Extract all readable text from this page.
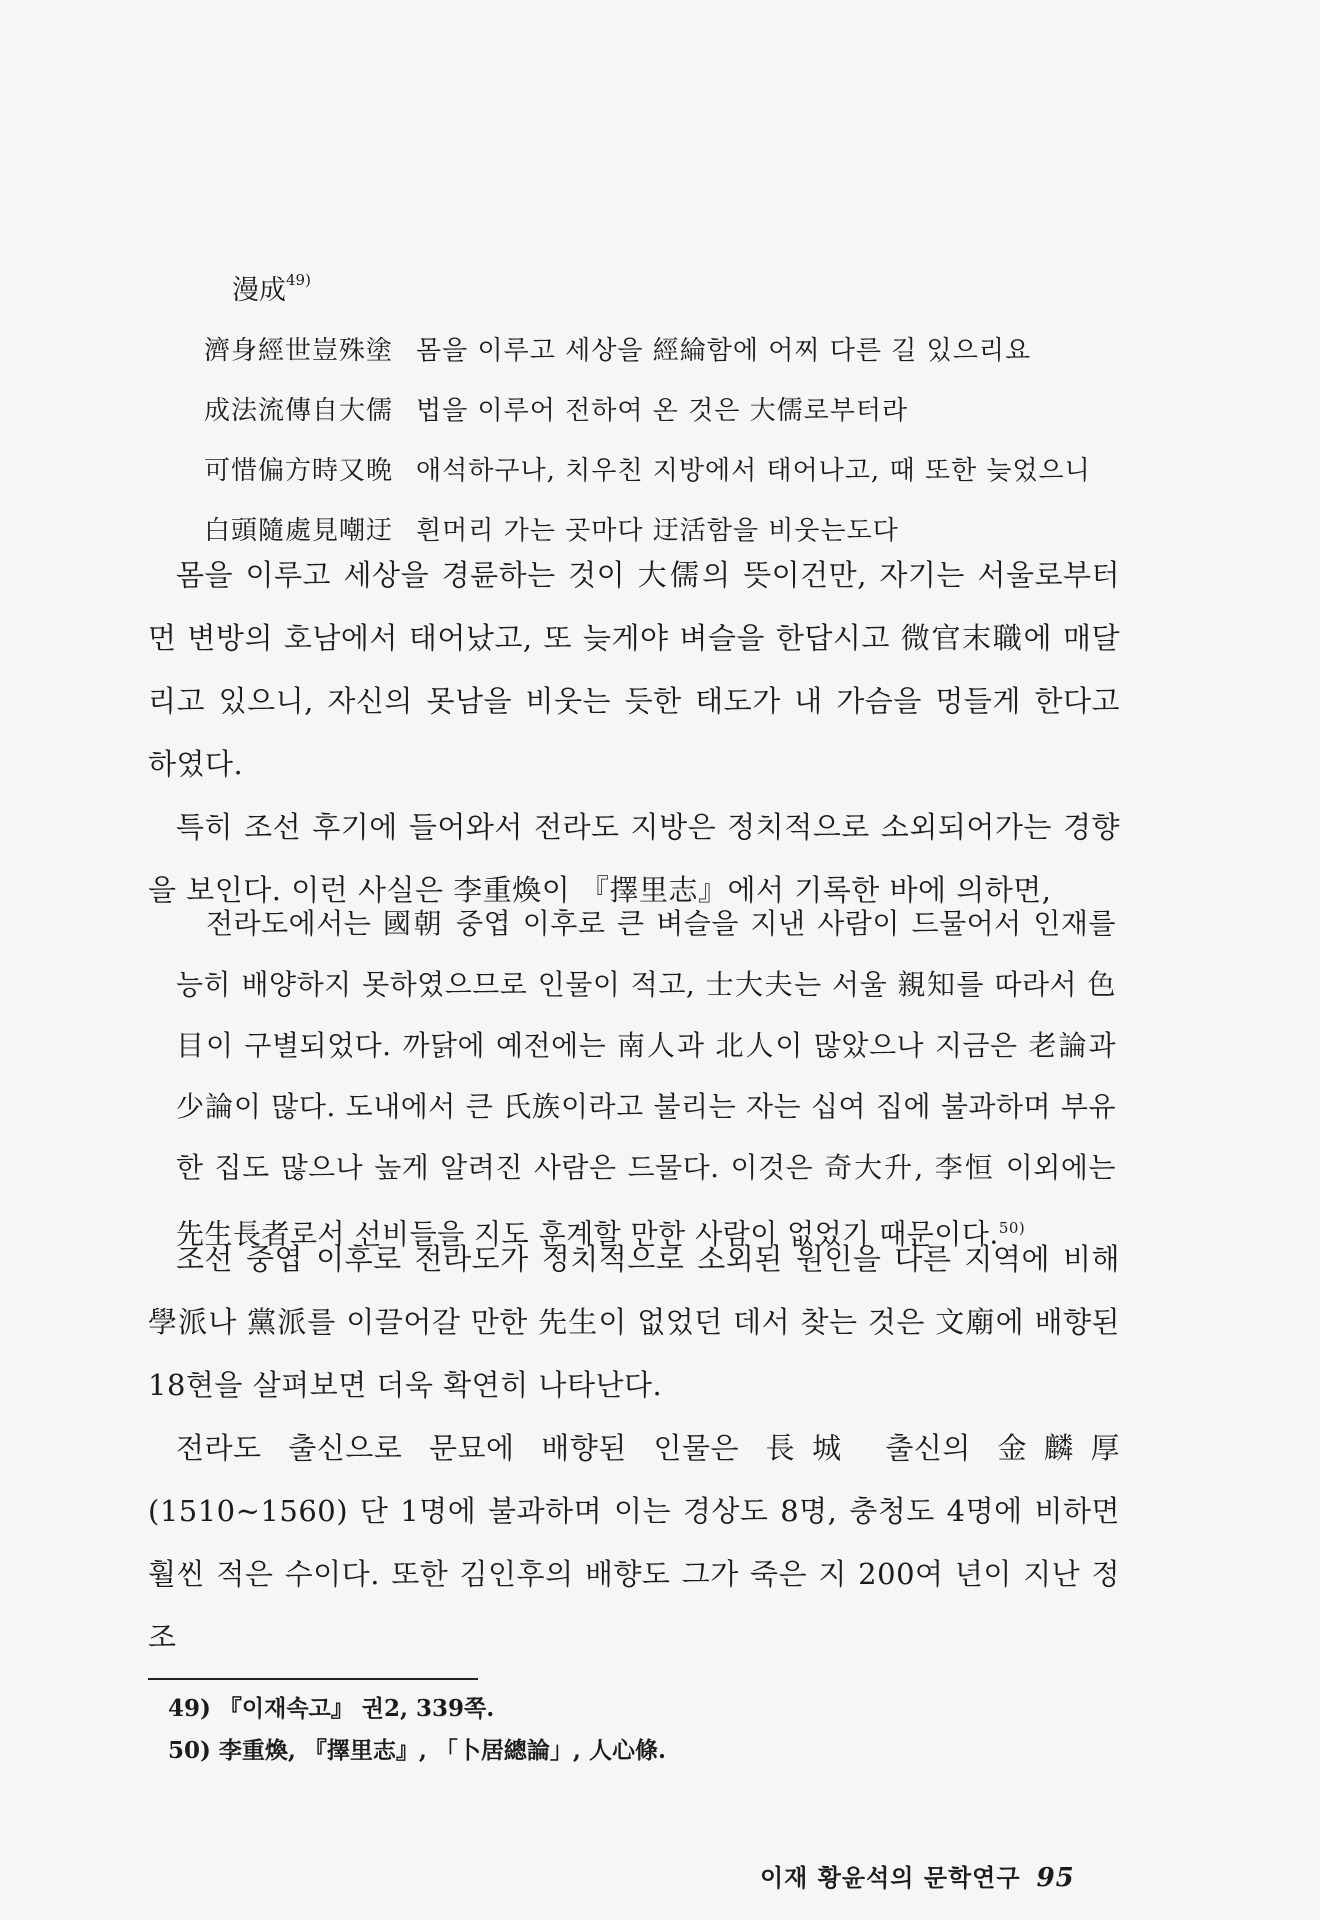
漫成$^{49)}$
濟身經世豈殊塗 몸을 이루고 세상을 經綸함에 어찌 다른 길 있으리요
成法流傳自大儒 법을 이루어 전하여 온 것은 大儒로부터라
可惜偏方時又晩 애석하구나, 치우친 지방에서 태어나고, 때 또한 늦었으니
白頭隨處見嘲迂 흰머리 가는 곳마다 迂活함을 비웃는도다

몸을 이루고 세상을 경륜하는 것이 大儒의 뜻이건만, 자기는 서울로부터 먼 변방의 호남에서 태어났고, 또 늦게야 벼슬을 한답시고 微官末職에 매달리고 있으니, 자신의 못남을 비웃는 듯한 태도가 내 가슴을 멍들게 한다고 하였다.

특히 조선 후기에 들어와서 전라도 지방은 정치적으로 소외되어가는 경향을 보인다. 이런 사실은 李重煥이 『擇里志』에서 기록한 바에 의하면,

전라도에서는 國朝 중엽 이후로 큰 벼슬을 지낸 사람이 드물어서 인재를 능히 배양하지 못하였으므로 인물이 적고, 士大夫는 서울 親知를 따라서 色目이 구별되었다. 까닭에 예전에는 南人과 北人이 많았으나 지금은 老論과 少論이 많다. 도내에서 큰 氏族이라고 불리는 자는 십여 집에 불과하며 부유한 집도 많으나 높게 알려진 사람은 드물다. 이것은 奇大升, 李恒 이외에는 先生長者로서 선비들을 지도 훈계할 만한 사람이 없었기 때문이다.$^{50)}$

조선 중엽 이후로 전라도가 정치적으로 소외된 원인을 다른 지역에 비해 學派나 黨派를 이끌어갈 만한 先生이 없었던 데서 찾는 것은 文廟에 배향된 18현을 살펴보면 더욱 확연히 나타난다.

전라도 출신으로 문묘에 배향된 인물은 長城 출신의 金麟厚(1510∼1560) 단 1명에 불과하며 이는 경상도 8명, 충청도 4명에 비하면 훨씬 적은 수이다. 또한 김인후의 배향도 그가 죽은 지 200여 년이 지난 정조

49) 『이재속고』 권2, 339쪽.
50) 李重煥, 『擇里志』, 「卜居總論」, 人心條.
이재 황윤석의 문학연구 95
